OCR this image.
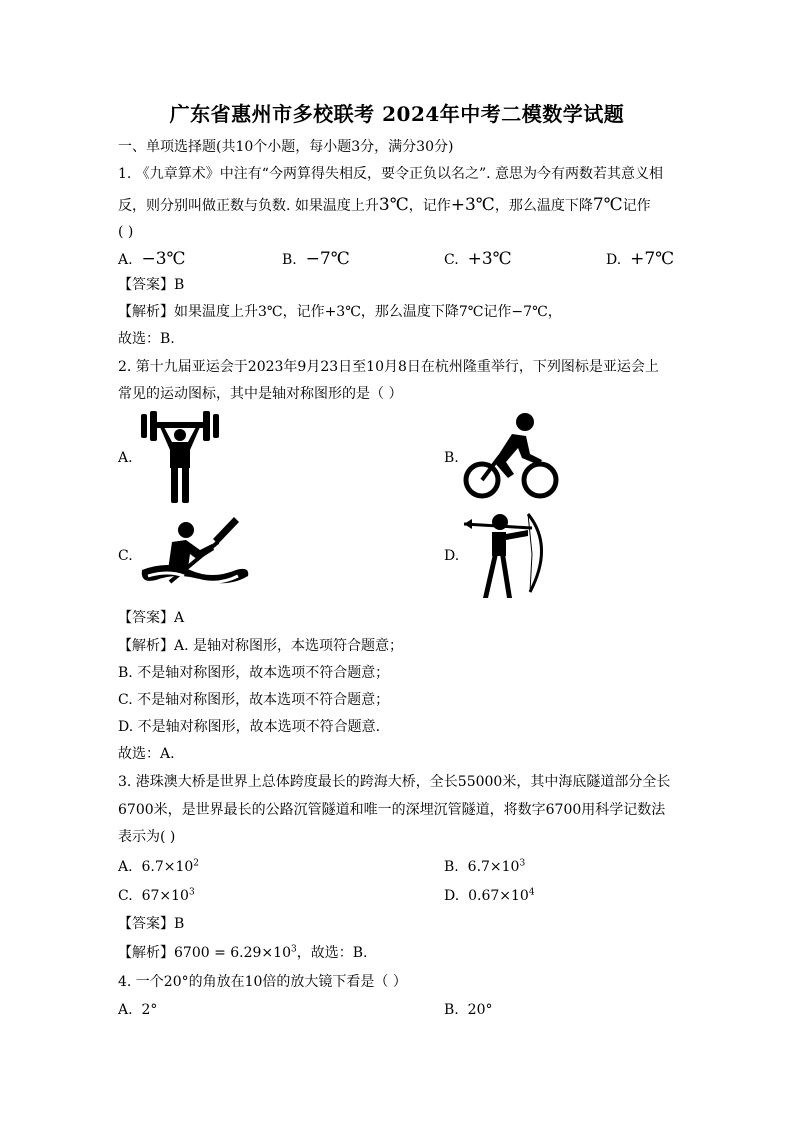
广东省惠州市多校联考 2024年中考二模数学试题
一、单项选择题(共10个小题，每小题3分，满分30分)
1. 《九章算术》中注有“今两算得失相反，要令正负以名之”. 意思为今有两数若其意义相
反，则分别叫做正数与负数. 如果温度上升3℃，记作+3℃，那么温度下降7℃记作
( )
A. −3℃	B. −7℃	C. +3℃	D. +7℃
【答案】B
【解析】如果温度上升3℃，记作+3℃，那么温度下降7℃记作−7℃，
故选：B.
2. 第十九届亚运会于2023年9月23日至10月8日在杭州隆重举行，下列图标是亚运会上
常见的运动图标，其中是轴对称图形的是（ ）
A.	B.
C.	D.
【答案】A
【解析】A. 是轴对称图形，本选项符合题意；
B. 不是轴对称图形，故本选项不符合题意；
C. 不是轴对称图形，故本选项不符合题意；
D. 不是轴对称图形，故本选项不符合题意.
故选：A.
3. 港珠澳大桥是世界上总体跨度最长的跨海大桥，全长55000米，其中海底隧道部分全长
6700米，是世界最长的公路沉管隧道和唯一的深埋沉管隧道，将数字6700用科学记数法
表示为( )
A. $6.7\times 10^2$	B. $6.7\times 10^3$
C. $67\times 10^3$	D. $0.67\times 10^4$
【答案】B
【解析】$6700 = 6.29\times 10^3$，故选：B.
4. 一个20°的角放在10倍的放大镜下看是（ ）
A. 2°	B. 20°
